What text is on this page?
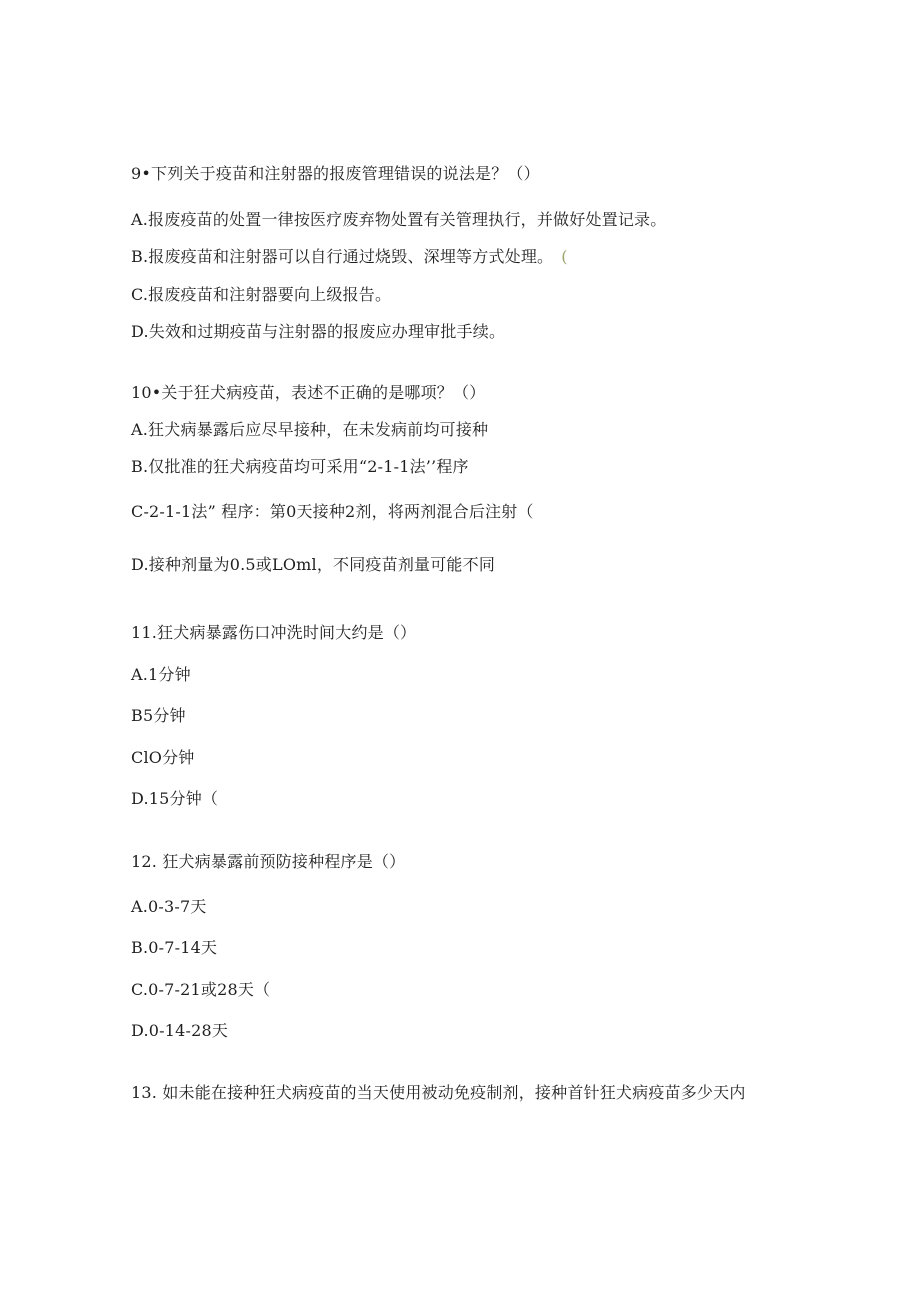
9•下列关于疫苗和注射器的报废管理错误的说法是？（）
A.报废疫苗的处置一律按医疗废弃物处置有关管理执行，并做好处置记录。
B.报废疫苗和注射器可以自行通过烧毁、深埋等方式处理。 (
C.报废疫苗和注射器要向上级报告。
D.失效和过期疫苗与注射器的报废应办理审批手续。
10•关于狂犬病疫苗，表述不正确的是哪项？（）
A.狂犬病暴露后应尽早接种，在未发病前均可接种
B.仅批准的狂犬病疫苗均可采用“2-1-1法’’程序
C-2-1-1法” 程序：第0天接种2剂，将两剂混合后注射（
D.接种剂量为0.5或LOml，不同疫苗剂量可能不同
11.狂犬病暴露伤口冲洗时间大约是（）
A.1分钟
B5分钟
ClO分钟
D.15分钟（
12. 狂犬病暴露前预防接种程序是（）
A.0-3-7天
B.0-7-14天
C.0-7-21或28天（
D.0-14-28天
13. 如未能在接种狂犬病疫苗的当天使用被动免疫制剂，接种首针狂犬病疫苗多少天内
